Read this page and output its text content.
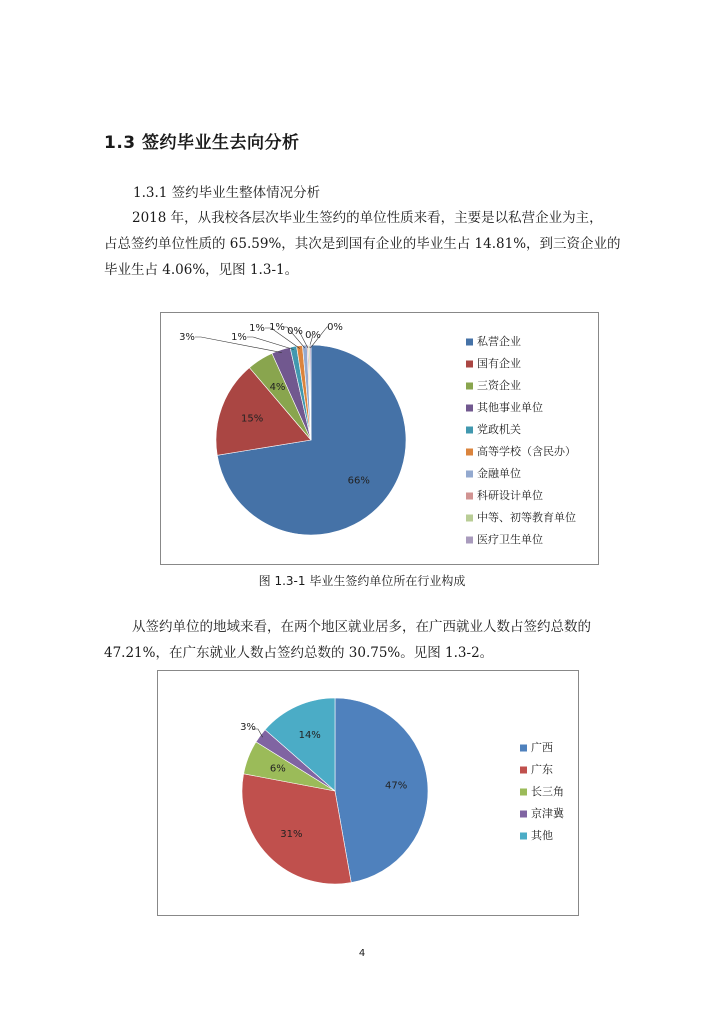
1.3 签约毕业生去向分析
1.3.1 签约毕业生整体情况分析
2018 年，从我校各层次毕业生签约的单位性质来看，主要是以私营企业为主，
占总签约单位性质的 65.59%，其次是到国有企业的毕业生占 14.81%，到三资企业的
毕业生占 4.06%，见图 1.3-1。
66%
15%
4%
3%	1%
1% 1% 0% 0%
0%
私营企业
国有企业
三资企业
其他事业单位
党政机关
高等学校（含民办）
金融单位
科研设计单位
中等、初等教育单位
医疗卫生单位
图 1.3-1 毕业生签约单位所在行业构成
从签约单位的地域来看，在两个地区就业居多，在广西就业人数占签约总数的
47.21%，在广东就业人数占签约总数的 30.75%。见图 1.3-2。
47%
31%
6%
3%
14%
广西
广东
长三角
京津冀
其他
4
